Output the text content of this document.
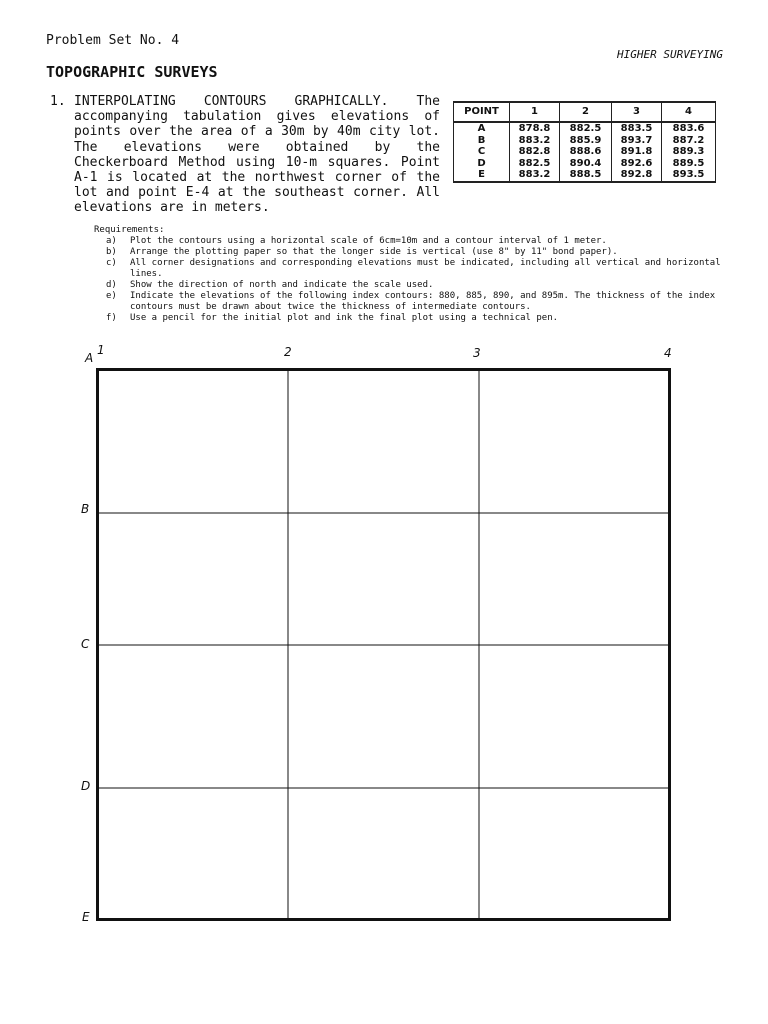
Problem Set No. 4
HIGHER SURVEYING
TOPOGRAPHIC SURVEYS
1. INTERPOLATING CONTOURS GRAPHICALLY. The accompanying tabulation gives elevations of points over the area of a 30m by 40m city lot. The elevations were obtained by the Checkerboard Method using 10-m squares. Point A-1 is located at the northwest corner of the lot and point E-4 at the southeast corner. All elevations are in meters.
POINT	1	2	3	4
A	878.8	882.5	883.5	883.6
B	883.2	885.9	893.7	887.2
C	882.8	888.6	891.8	889.3
D	882.5	890.4	892.6	889.5
E	883.2	888.5	892.8	893.5
Requirements:
a) Plot the contours using a horizontal scale of 6cm=10m and a contour interval of 1 meter.
b) Arrange the plotting paper so that the longer side is vertical (use 8" by 11" bond paper).
c) All corner designations and corresponding elevations must be indicated, including all vertical and horizontal lines.
d) Show the direction of north and indicate the scale used.
e) Indicate the elevations of the following index contours: 880, 885, 890, and 895m. The thickness of the index contours must be drawn about twice the thickness of intermediate contours.
f) Use a pencil for the initial plot and ink the final plot using a technical pen.
1	2	3	4
A
B
C
D
E
